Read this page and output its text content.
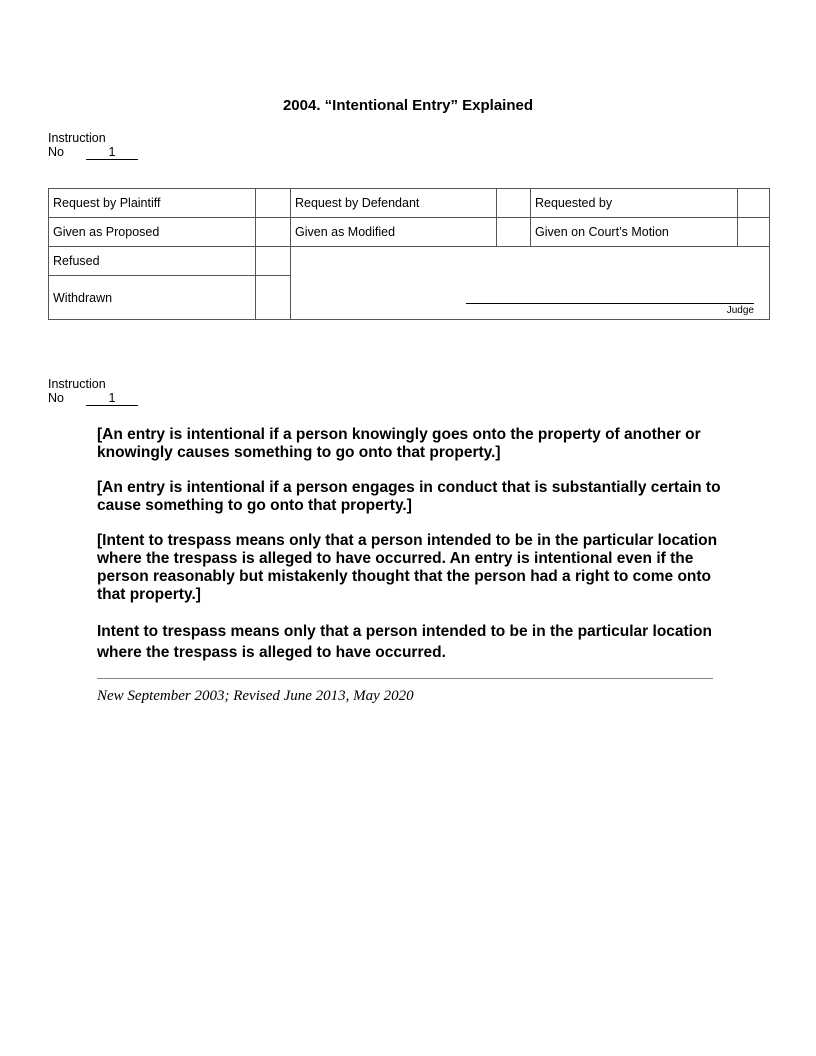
2004. “Intentional Entry” Explained
Instruction
No	1
Request by Plaintiff		Request by Defendant		Requested by	
Given as Proposed		Given as Modified		Given on Court’s Motion	
Refused					
Withdrawn					
Judge
Instruction
No	1
[An entry is intentional if a person knowingly goes onto the property of another or knowingly causes something to go onto that property.]
[An entry is intentional if a person engages in conduct that is substantially certain to cause something to go onto that property.]
[Intent to trespass means only that a person intended to be in the particular location where the trespass is alleged to have occurred. An entry is intentional even if the person reasonably but mistakenly thought that the person had a right to come onto that property.]
Intent to trespass means only that a person intended to be in the particular location where the trespass is alleged to have occurred.
New September 2003; Revised June 2013, May 2020
